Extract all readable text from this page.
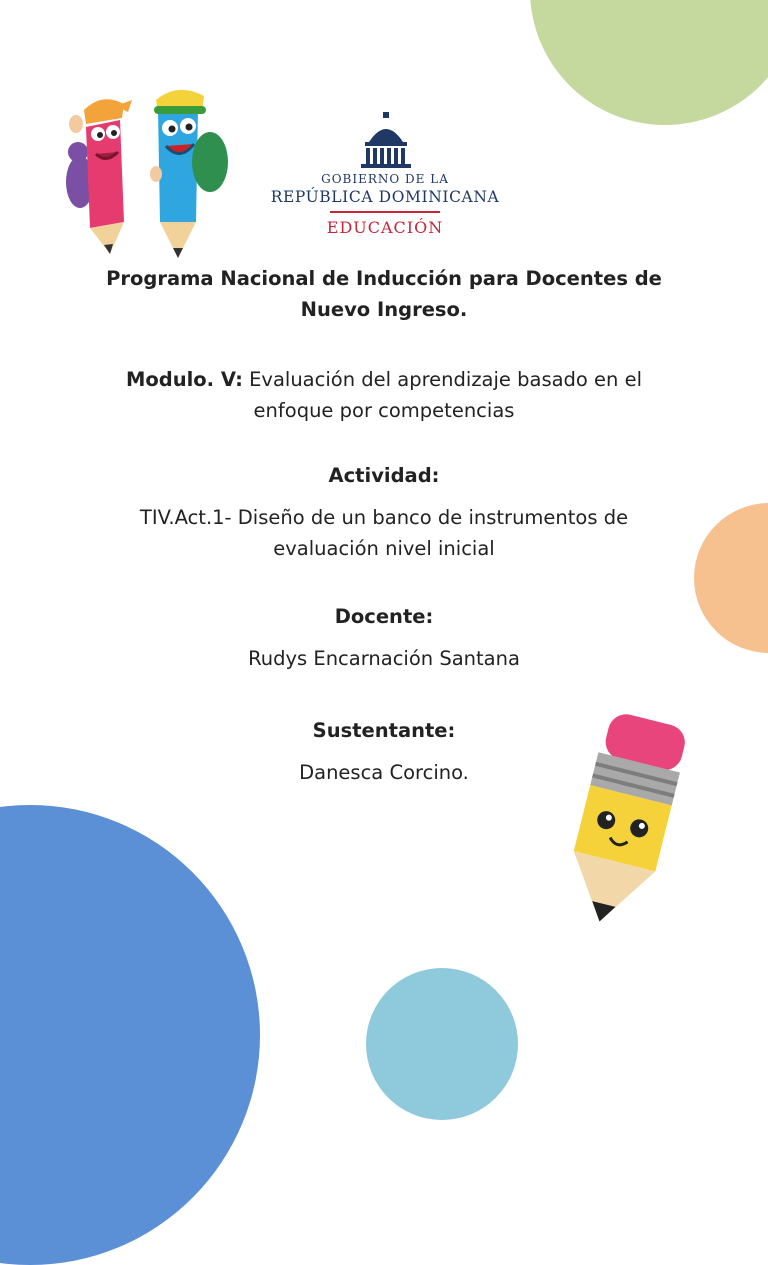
GOBIERNO DE LA
REPÚBLICA DOMINICANA
EDUCACIÓN
Programa Nacional de Inducción para Docentes de Nuevo Ingreso.
Modulo. V: Evaluación del aprendizaje basado en el enfoque por competencias
Actividad:
TIV.Act.1- Diseño de un banco de instrumentos de evaluación nivel inicial
Docente:
Rudys Encarnación Santana
Sustentante:
Danesca Corcino.
